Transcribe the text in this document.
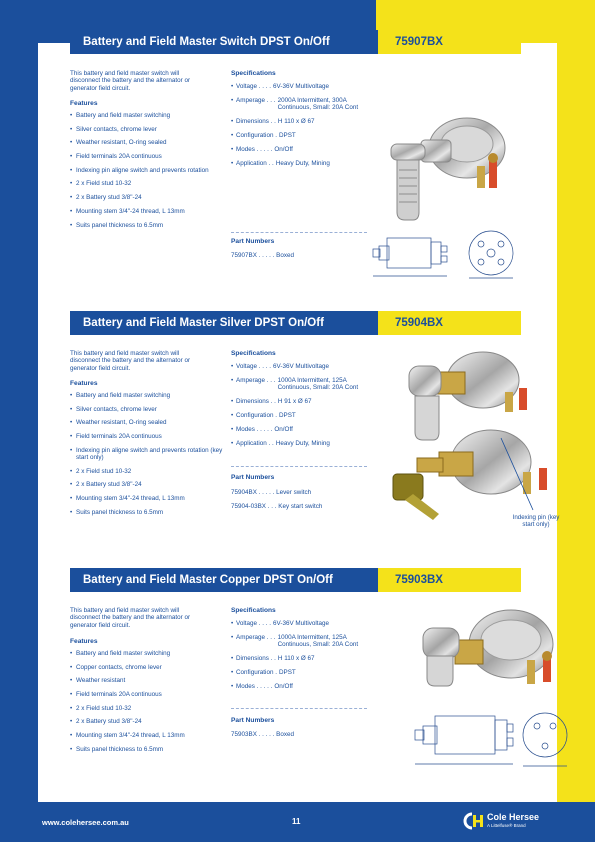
Battery and Field Master Switch DPST On/Off	75907BX

This battery and field master switch will disconnect the battery and the alternator or generator field circuit.

Features
• Battery and field master switching
• Silver contacts, chrome lever
• Weather resistant, O-ring sealed
• Field terminals 20A continuous
• Indexing pin aligne switch and prevents rotation
• 2 x Field stud 10-32
• 2 x Battery stud 3/8"-24
• Mounting stem 3/4"-24 thread, L 13mm
• Suits panel thickness to 6.5mm
Specifications
• Voltage . . . . 6V-36V Multivoltage
• Amperage . . . 2000A Intermittent, 300A Continuous, Small: 20A Cont
• Dimensions . . H 110 x Ø 67
• Configuration . DPST
• Modes . . . . . On/Off
• Application . . Heavy Duty, Mining
Part Numbers
75907BX . . . . . Boxed
Battery and Field Master Silver DPST On/Off	75904BX

This battery and field master switch will disconnect the battery and the alternator or generator field circuit.

Features
• Battery and field master switching
• Silver contacts, chrome lever
• Weather resistant, O-ring sealed
• Field terminals 20A continuous
• Indexing pin aligne switch and prevents rotation (key start only)
• 2 x Field stud 10-32
• 2 x Battery stud 3/8"-24
• Mounting stem 3/4"-24 thread, L 13mm
• Suits panel thickness to 6.5mm
Specifications
• Voltage . . . . 6V-36V Multivoltage
• Amperage . . . 1000A Intermittent, 125A Continuous, Small: 20A Cont
• Dimensions . . H 91 x Ø 67
• Configuration . DPST
• Modes . . . . . On/Off
• Application . . Heavy Duty, Mining
Part Numbers
75904BX . . . . . Lever switch
75904-03BX . . . Key start switch
Indexing pin (key start only)
Battery and Field Master Copper DPST On/Off	75903BX

This battery and field master switch will disconnect the battery and the alternator or generator field circuit.

Features
• Battery and field master switching
• Copper contacts, chrome lever
• Weather resistant
• Field terminals 20A continuous
• 2 x Field stud 10-32
• 2 x Battery stud 3/8"-24
• Mounting stem 3/4"-24 thread, L 13mm
• Suits panel thickness to 6.5mm
Specifications
• Voltage . . . . 6V-36V Multivoltage
• Amperage . . . 1000A Intermittent, 125A Continuous, Small: 20A Cont
• Dimensions . . H 110 x Ø 67
• Configuration . DPST
• Modes . . . . . On/Off
Part Numbers
75903BX . . . . . Boxed
www.colehersee.com.au	11	Cole Hersee
A Littelfuse® Brand
